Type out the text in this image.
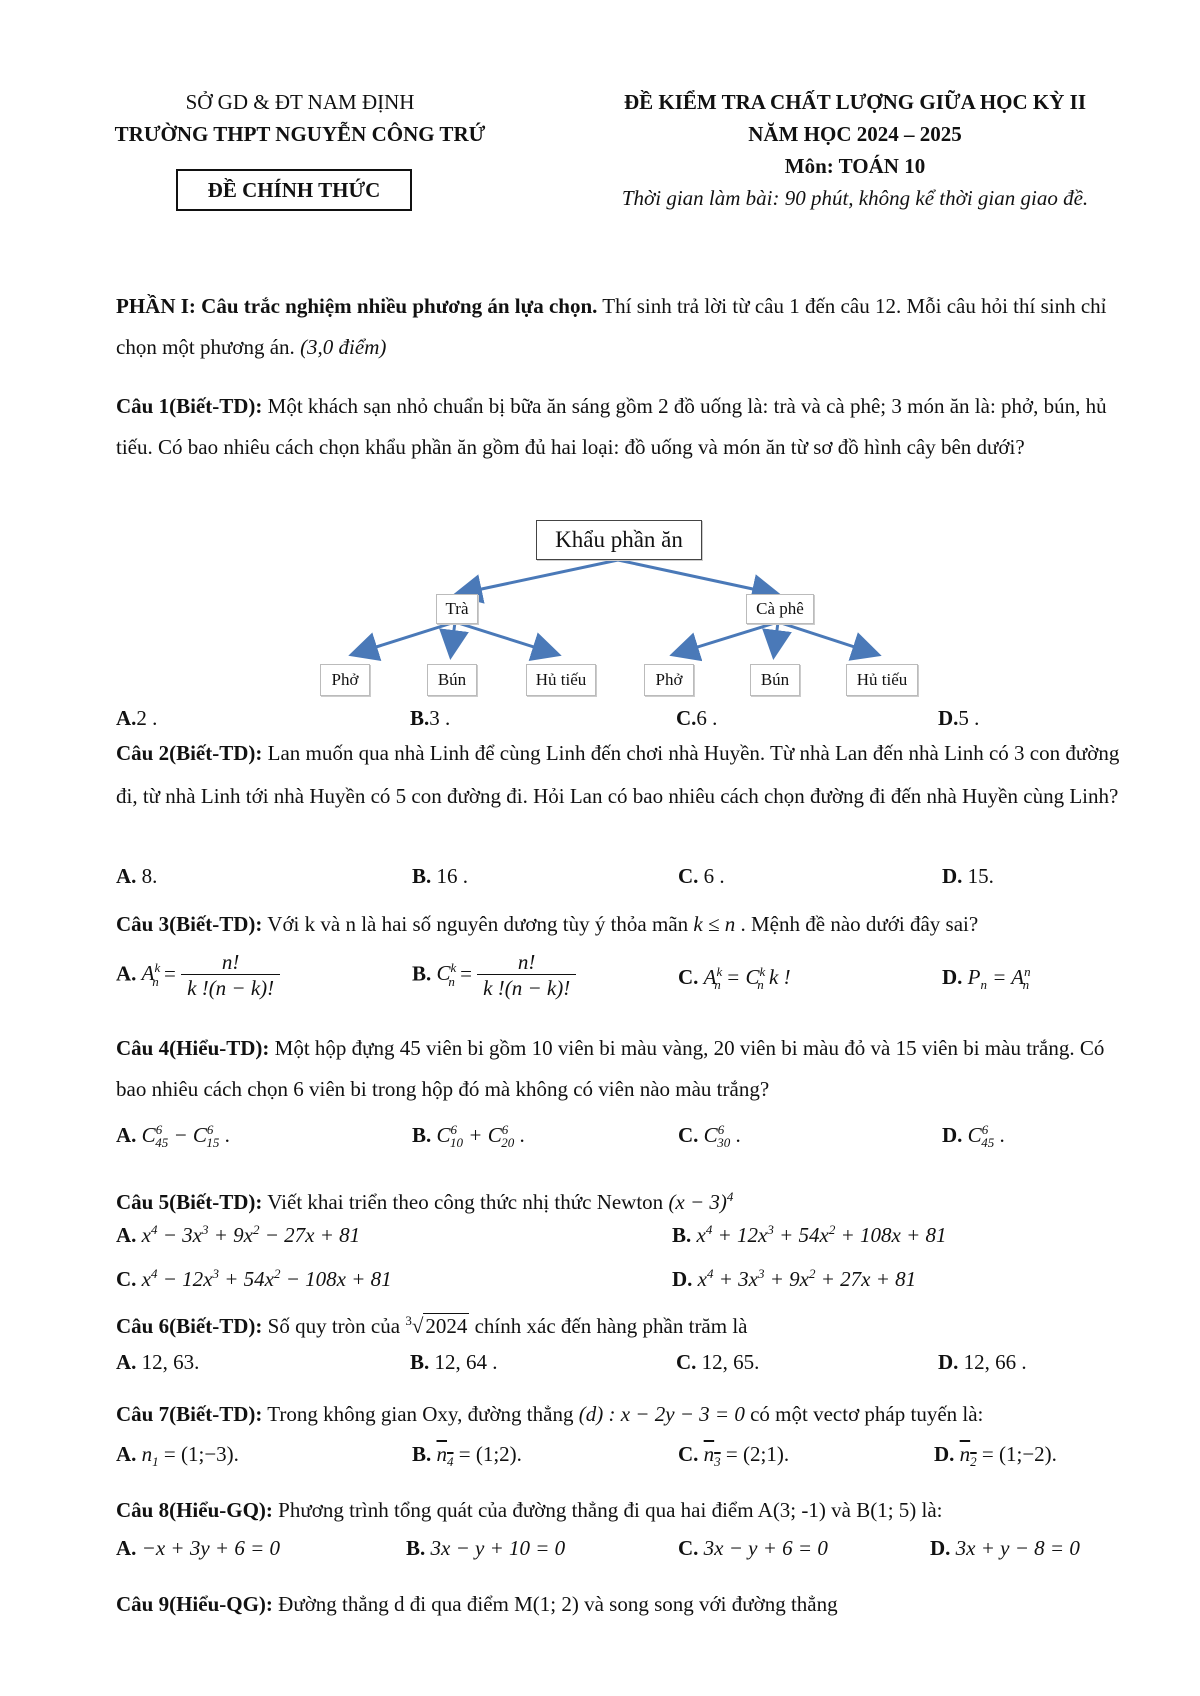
SỞ GD & ĐT NAM ĐỊNH
TRƯỜNG THPT NGUYỄN CÔNG TRỨ
ĐỀ CHÍNH THỨC
ĐỀ KIỂM TRA CHẤT LƯỢNG GIỮA HỌC KỲ II
NĂM HỌC 2024 – 2025
Môn: TOÁN 10
Thời gian làm bài: 90 phút, không kể thời gian giao đề.
PHẦN I: Câu trắc nghiệm nhiều phương án lựa chọn. Thí sinh trả lời từ câu 1 đến câu 12. Mỗi câu hỏi thí sinh chỉ chọn một phương án. (3,0 điểm)
Câu 1(Biết-TD): Một khách sạn nhỏ chuẩn bị bữa ăn sáng gồm 2 đồ uống là: trà và cà phê; 3 món ăn là: phở, bún, hủ tiếu. Có bao nhiêu cách chọn khẩu phần ăn gồm đủ hai loại: đồ uống và món ăn từ sơ đồ hình cây bên dưới?
Khẩu phần ăn
Trà	Cà phê
Phở	Bún	Hủ tiếu	Phở	Bún	Hủ tiếu
A.2 .	B.3 .	C.6 .	D.5 .
Câu 2(Biết-TD): Lan muốn qua nhà Linh để cùng Linh đến chơi nhà Huyền. Từ nhà Lan đến nhà Linh có 3 con đường đi, từ nhà Linh tới nhà Huyền có 5 con đường đi. Hỏi Lan có bao nhiêu cách chọn đường đi đến nhà Huyền cùng Linh?
A. 8.	B. 16 .	C. 6 .	D. 15.
Câu 3(Biết-TD): Với k và n là hai số nguyên dương tùy ý thỏa mãn k ≤ n . Mệnh đề nào dưới đây sai?
A. $A^k_n = \frac{n!}{k !(n - k)!}$	B. $C^k_n = \frac{n!}{k !(n - k)!}$	C. $A^k_n = C^k_n$ k !	D. $P_n = A^n_n$
Câu 4(Hiểu-TD): Một hộp đựng 45 viên bi gồm 10 viên bi màu vàng, 20 viên bi màu đỏ và 15 viên bi màu trắng. Có bao nhiêu cách chọn 6 viên bi trong hộp đó mà không có viên nào màu trắng?
A. $C^6_{45} - C^6_{15}$ .	B. $C^6_{10} + C^6_{20}$ .	C. $C^6_{30}$ .	D. $C^6_{45}$ .
Câu 5(Biết-TD): Viết khai triển theo công thức nhị thức Newton $(x - 3)^4$
A. $x^4 - 3x^3 + 9x^2 - 27x + 81$	B. $x^4 + 12x^3 + 54x^2 + 108x + 81$
C. $x^4 - 12x^3 + 54x^2 - 108x + 81$	D. $x^4 + 3x^3 + 9x^2 + 27x + 81$
Câu 6(Biết-TD): Số quy tròn của $^3$√2024 chính xác đến hàng phần trăm là
A. 12, 63.	B. 12, 64 .	C. 12, 65.	D. 12, 66 .
Câu 7(Biết-TD): Trong không gian Oxy, đường thẳng (d) : x − 2y − 3 = 0 có một vectơ pháp tuyến là:
A. $n_1$ = (1;−3).	B. $n_4$ = (1;2).	C. $n_3$ = (2;1).	D. $n_2$ = (1;−2).
Câu 8(Hiểu-GQ): Phương trình tổng quát của đường thẳng đi qua hai điểm A(3; -1) và B(1; 5) là:
A. −x + 3y + 6 = 0	B. 3x − y + 10 = 0	C. 3x − y + 6 = 0	D. 3x + y − 8 = 0
Câu 9(Hiểu-QG): Đường thẳng d đi qua điểm M(1; 2) và song song với đường thẳng
